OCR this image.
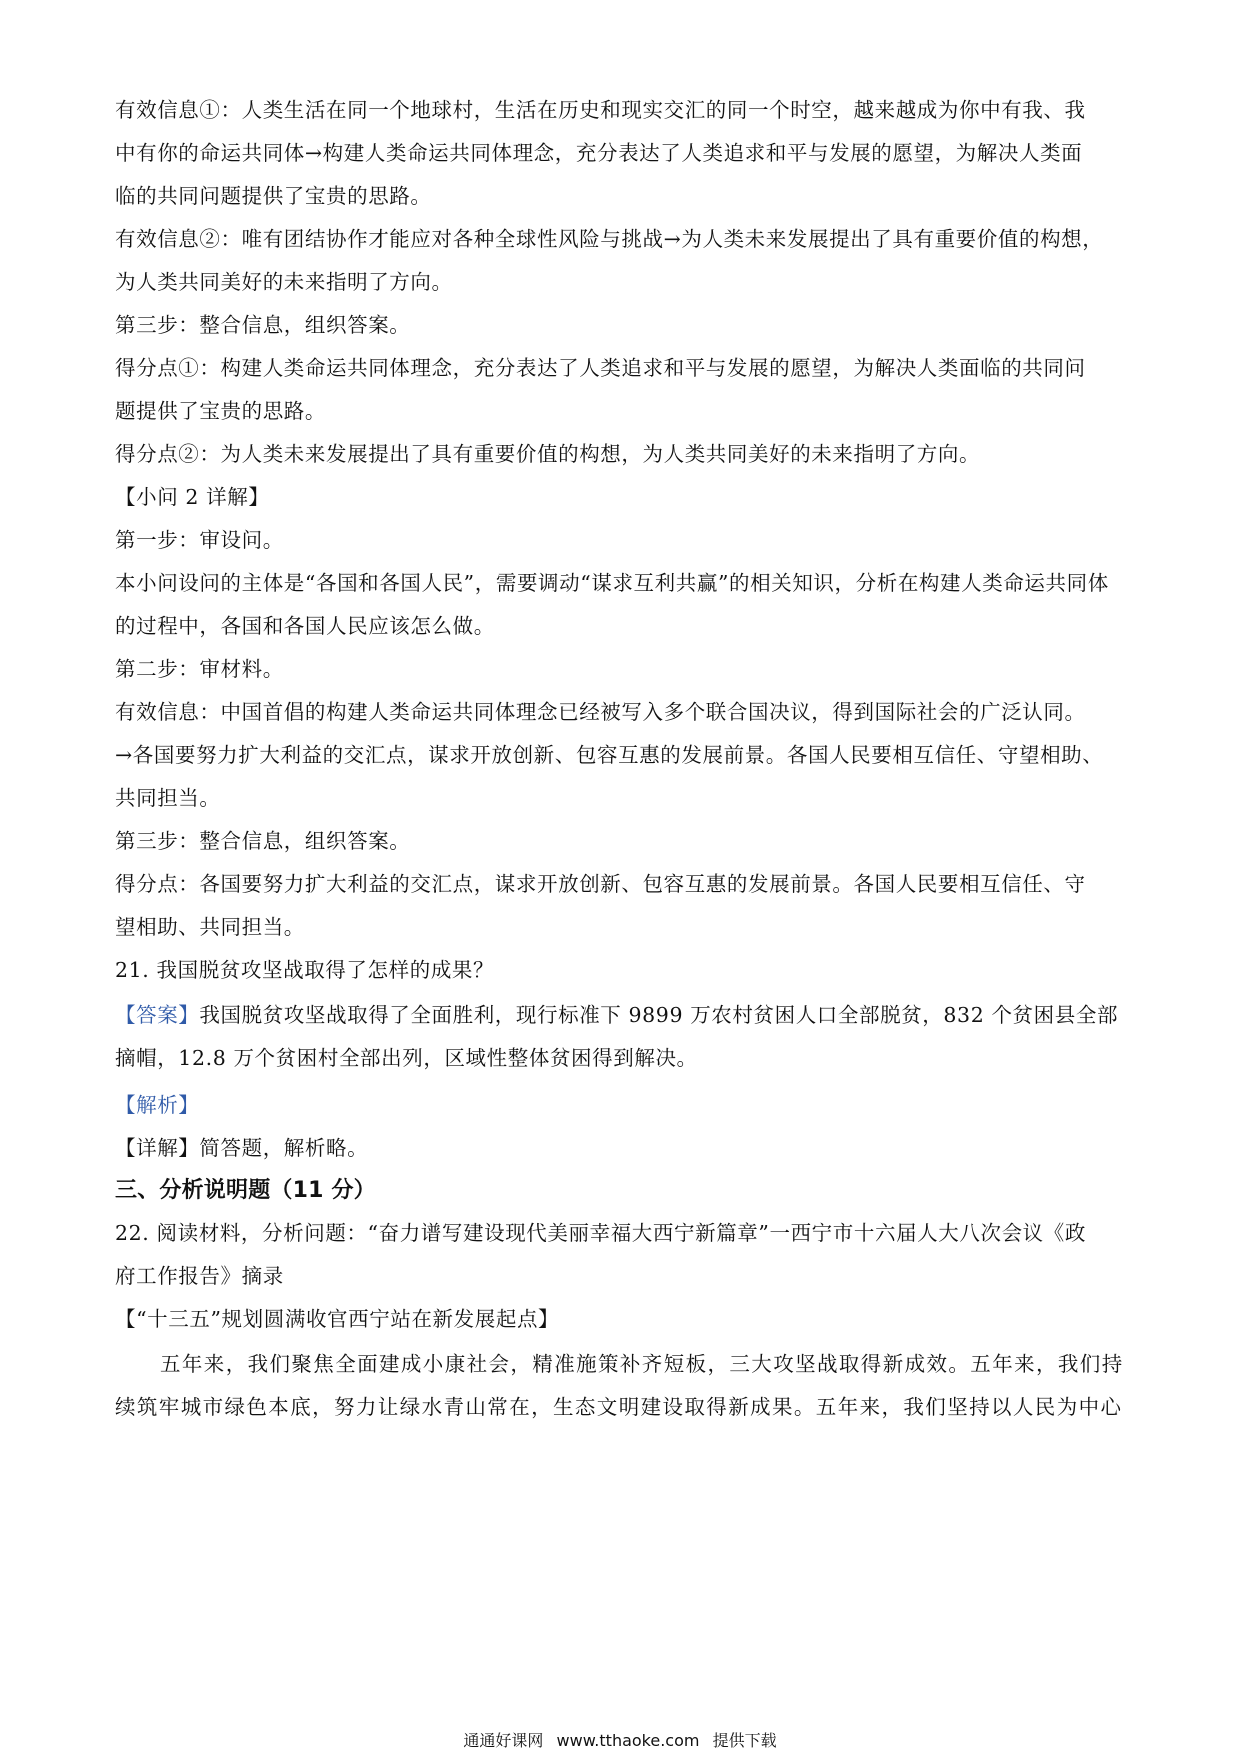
有效信息①：人类生活在同一个地球村，生活在历史和现实交汇的同一个时空，越来越成为你中有我、我
中有你的命运共同体→构建人类命运共同体理念，充分表达了人类追求和平与发展的愿望，为解决人类面
临的共同问题提供了宝贵的思路。
有效信息②：唯有团结协作才能应对各种全球性风险与挑战→为人类未来发展提出了具有重要价值的构想，
为人类共同美好的未来指明了方向。
第三步：整合信息，组织答案。
得分点①：构建人类命运共同体理念，充分表达了人类追求和平与发展的愿望，为解决人类面临的共同问
题提供了宝贵的思路。
得分点②：为人类未来发展提出了具有重要价值的构想，为人类共同美好的未来指明了方向。
【小问 2 详解】
第一步：审设问。
本小问设问的主体是“各国和各国人民”，需要调动“谋求互利共赢”的相关知识，分析在构建人类命运共同体
的过程中，各国和各国人民应该怎么做。
第二步：审材料。
有效信息：中国首倡的构建人类命运共同体理念已经被写入多个联合国决议，得到国际社会的广泛认同。
→各国要努力扩大利益的交汇点，谋求开放创新、包容互惠的发展前景。各国人民要相互信任、守望相助、
共同担当。
第三步：整合信息，组织答案。
得分点：各国要努力扩大利益的交汇点，谋求开放创新、包容互惠的发展前景。各国人民要相互信任、守
望相助、共同担当。
21. 我国脱贫攻坚战取得了怎样的成果？
【答案】我国脱贫攻坚战取得了全面胜利，现行标准下 9899 万农村贫困人口全部脱贫，832 个贫困县全部
摘帽，12.8 万个贫困村全部出列，区域性整体贫困得到解决。
【解析】
【详解】简答题，解析略。
三、分析说明题（11 分）
22. 阅读材料，分析问题：“奋力谱写建设现代美丽幸福大西宁新篇章”一西宁市十六届人大八次会议《政
府工作报告》摘录
【“十三五”规划圆满收官西宁站在新发展起点】
五年来，我们聚焦全面建成小康社会，精准施策补齐短板，三大攻坚战取得新成效。五年来，我们持
续筑牢城市绿色本底，努力让绿水青山常在，生态文明建设取得新成果。五年来，我们坚持以人民为中心
通通好课网 www.tthaoke.com 提供下载
